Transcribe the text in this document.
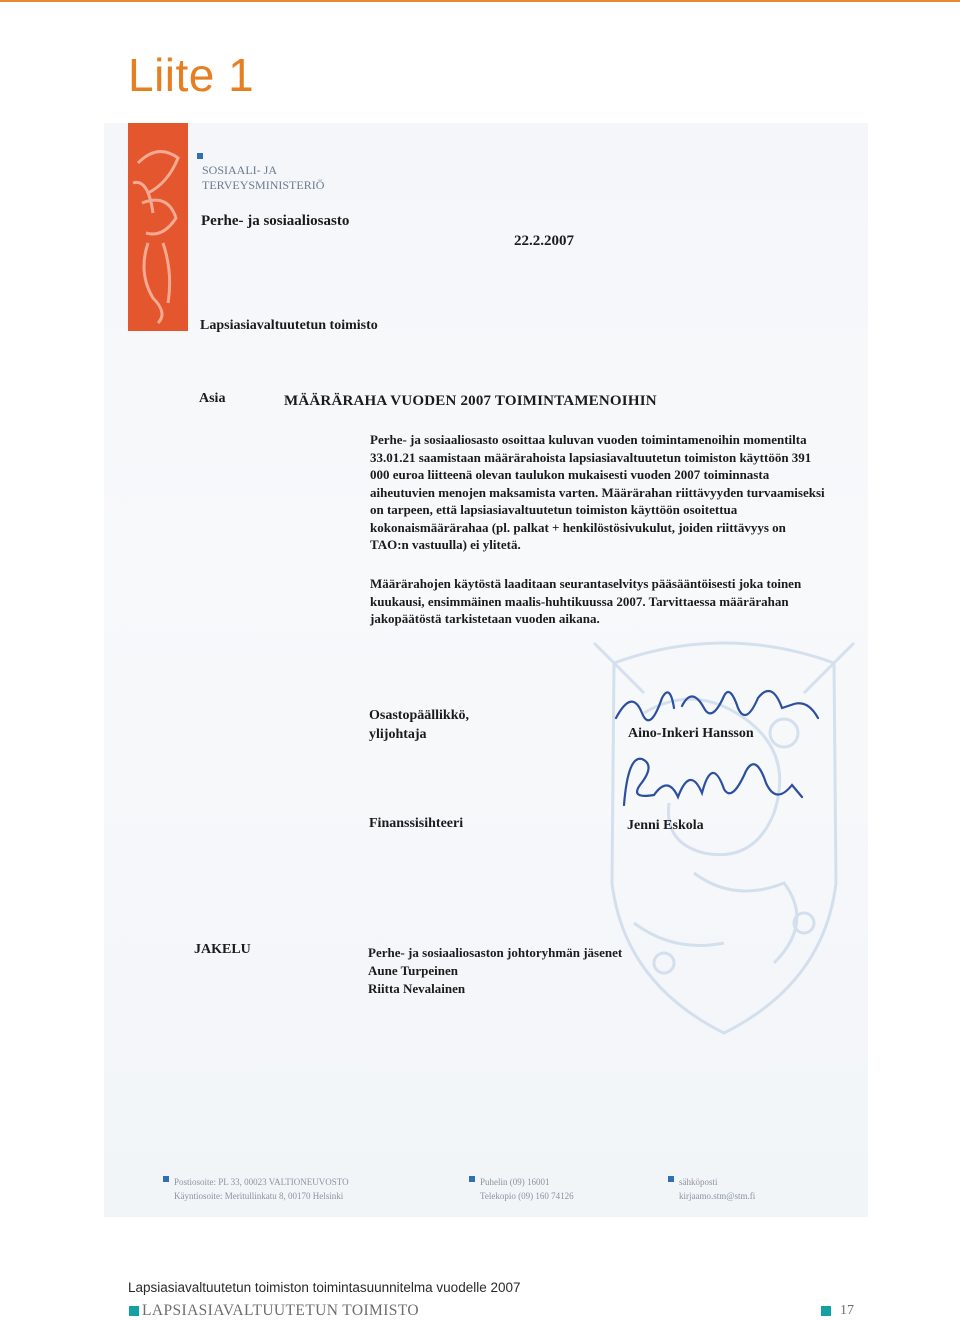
Liite 1
SOSIAALI- JA
TERVEYSMINISTERIÖ
Perhe- ja sosiaaliosasto
22.2.2007
Lapsiasiavaltuutetun toimisto
Asia	MÄÄRÄRAHA VUODEN 2007 TOIMINTAMENOIHIN

Perhe- ja sosiaaliosasto osoittaa kuluvan vuoden toimintamenoihin momentilta 33.01.21 saamistaan määrärahoista lapsiasiavaltuutetun toimiston käyttöön 391 000 euroa liitteenä olevan taulukon mukaisesti vuoden 2007 toiminnasta aiheutuvien menojen maksamista varten. Määrärahan riittävyyden turvaamiseksi on tarpeen, että lapsiasiavaltuutetun toimiston käyttöön osoitettua kokonaismäärärahaa (pl. palkat + henkilöstösivukulut, joiden riittävyys on TAO:n vastuulla) ei ylitetä.

Määrärahojen käytöstä laaditaan seurantaselvitys pääsääntöisesti joka toinen kuukausi, ensimmäinen maalis-huhtikuussa 2007. Tarvittaessa määrärahan jakopäätöstä tarkistetaan vuoden aikana.

Osastopäällikkö,
ylijohtaja	Aino-Inkeri Hansson
Finanssisihteeri	Jenni Eskola
JAKELU	Perhe- ja sosiaaliosaston johtoryhmän jäsenet
Aune Turpeinen
Riitta Nevalainen
Postiosoite: PL 33, 00023 VALTIONEUVOSTO
Käyntiosoite: Meritullinkatu 8, 00170 Helsinki
Puhelin (09) 16001
Telekopio (09) 160 74126
sähköposti
kirjaamo.stm@stm.fi
Lapsiasiavaltuutetun toimiston toimintasuunnitelma vuodelle 2007
LAPSIASIAVALTUUTETUN TOIMISTO	17
